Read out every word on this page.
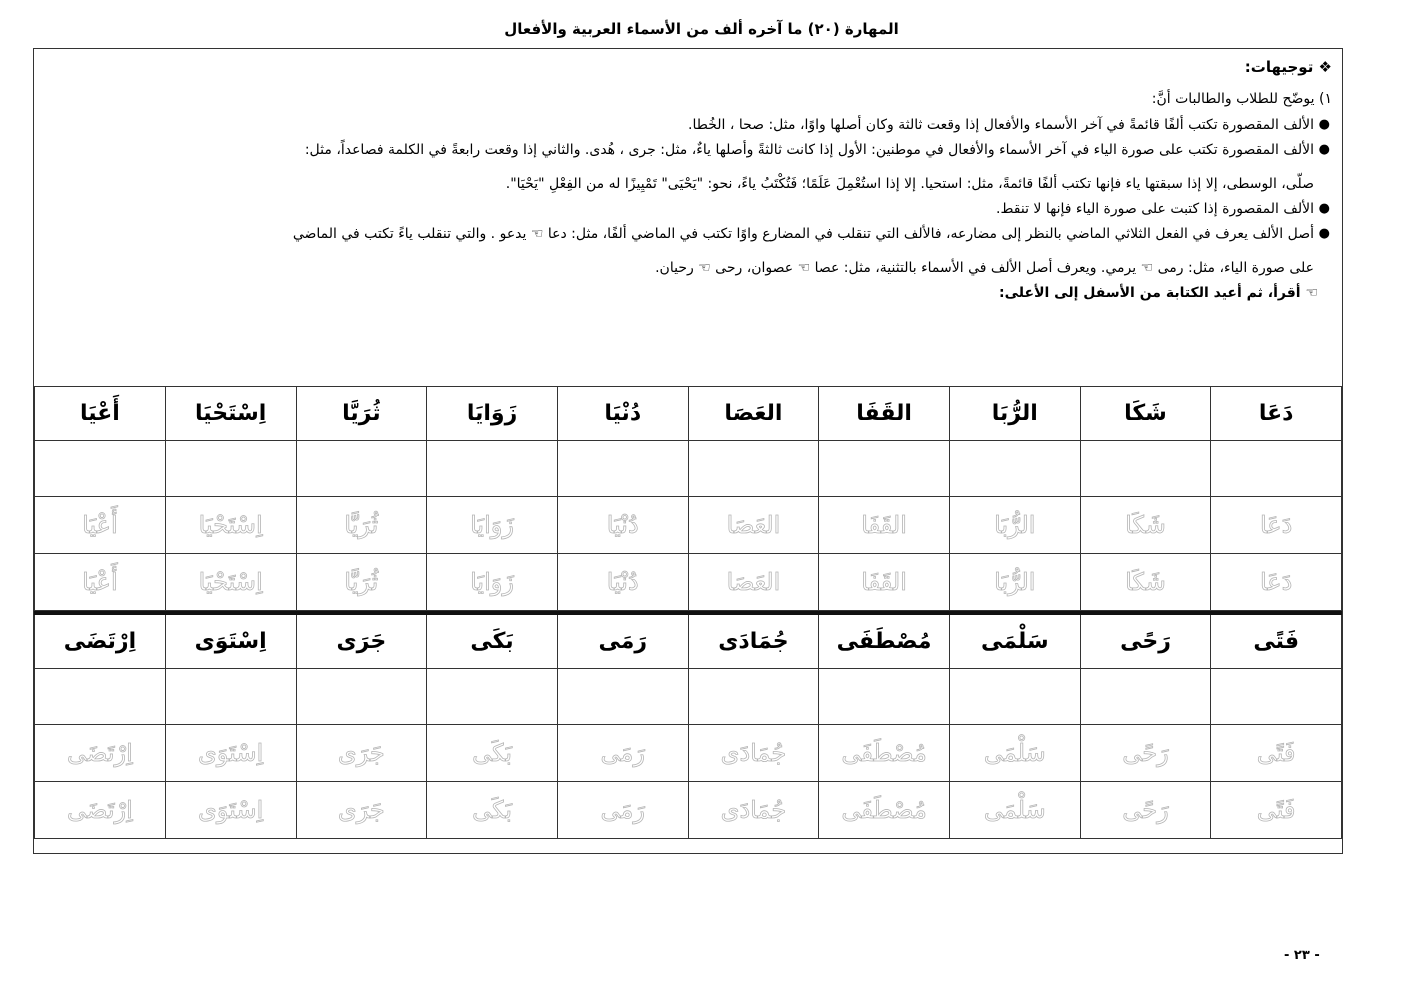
المهارة (٢٠) ما آخره ألف من الأسماء العربية والأفعال
❖ توجيهات:
١) يوضّح للطلاب والطالبات أنَّ:
●
الألف المقصورة تكتب ألفًا قائمةً في آخر الأسماء والأفعال إذا وقعت ثالثة وكان أصلها واوًا، مثل: صحا ، الخُطا.
●
الألف المقصورة تكتب على صورة الياء في آخر الأسماء والأفعال في موطنين: الأول إذا كانت ثالثةً وأصلها ياءٌ، مثل: جرى ، هُدى. والثاني إذا وقعت رابعةً في الكلمة فصاعداً، مثل:
صلّى، الوسطى، إلا إذا سبقتها ياء فإنها تكتب ألفًا قائمةً، مثل: استحيا. إلا إذا استُعْمِلَ عَلَمًا؛ فَتُكْتَبُ ياءً، نحو: "يَحْيَى" تَمْيِيزًا له من الفِعْلِ "يَحْيَا".
●
الألف المقصورة إذا كتبت على صورة الياء فإنها لا تنقط.
●
أصل الألف يعرف في الفعل الثلاثي الماضي بالنظر إلى مضارعه، فالألف التي تنقلب في المضارع واوًا تكتب في الماضي ألفًا، مثل: دعا ☜ يدعو . والتي تنقلب ياءً تكتب في الماضي
على صورة الياء، مثل: رمى ☜ يرمي. ويعرف أصل الألف في الأسماء بالتثنية، مثل: عصا ☜ عصوان، رحى ☜ رحيان.
☜ أقرأ، ثم أعيد الكتابة من الأسفل إلى الأعلى:
دَعَا	شَكَا	الرُّبَا	القَفَا	العَصَا	دُنْيَا	زَوَايَا	ثُرَيَّا	اِسْتَحْيَا	أَعْيَا

دَعَا	شَكَا	الرُّبَا	القَفَا	العَصَا	دُنْيَا	زَوَايَا	ثُرَيَّا	اِسْتَحْيَا	أَعْيَا
دَعَا	شَكَا	الرُّبَا	القَفَا	العَصَا	دُنْيَا	زَوَايَا	ثُرَيَّا	اِسْتَحْيَا	أَعْيَا
فَتًى	رَحًى	سَلْمَى	مُصْطَفَى	جُمَادَى	رَمَى	بَكَى	جَرَى	اِسْتَوَى	اِرْتَضَى

فَتًى	رَحًى	سَلْمَى	مُصْطَفَى	جُمَادَى	رَمَى	بَكَى	جَرَى	اِسْتَوَى	اِرْتَضَى
فَتًى	رَحًى	سَلْمَى	مُصْطَفَى	جُمَادَى	رَمَى	بَكَى	جَرَى	اِسْتَوَى	اِرْتَضَى
- ٢٣ -
